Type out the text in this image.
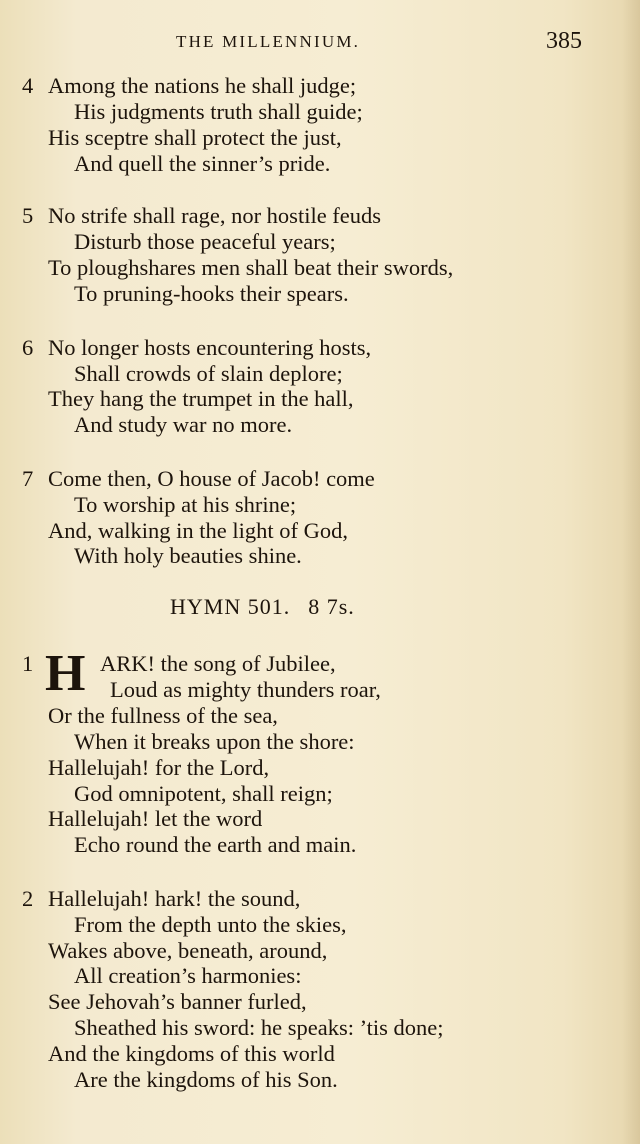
THE MILLENNIUM.	385
4 Among the nations he shall judge;
His judgments truth shall guide;
His sceptre shall protect the just,
And quell the sinner’s pride.
5 No strife shall rage, nor hostile feuds
Disturb those peaceful years;
To ploughshares men shall beat their swords,
To pruning-hooks their spears.
6 No longer hosts encountering hosts,
Shall crowds of slain deplore;
They hang the trumpet in the hall,
And study war no more.
7 Come then, O house of Jacob! come
To worship at his shrine;
And, walking in the light of God,
With holy beauties shine.
HYMN 501. 8 7s.
1 H ARK! the song of Jubilee,
Loud as mighty thunders roar,
Or the fullness of the sea,
When it breaks upon the shore:
Hallelujah! for the Lord,
God omnipotent, shall reign;
Hallelujah! let the word
Echo round the earth and main.
2 Hallelujah! hark! the sound,
From the depth unto the skies,
Wakes above, beneath, around,
All creation’s harmonies:
See Jehovah’s banner furled,
Sheathed his sword: he speaks: ’tis done;
And the kingdoms of this world
Are the kingdoms of his Son.
